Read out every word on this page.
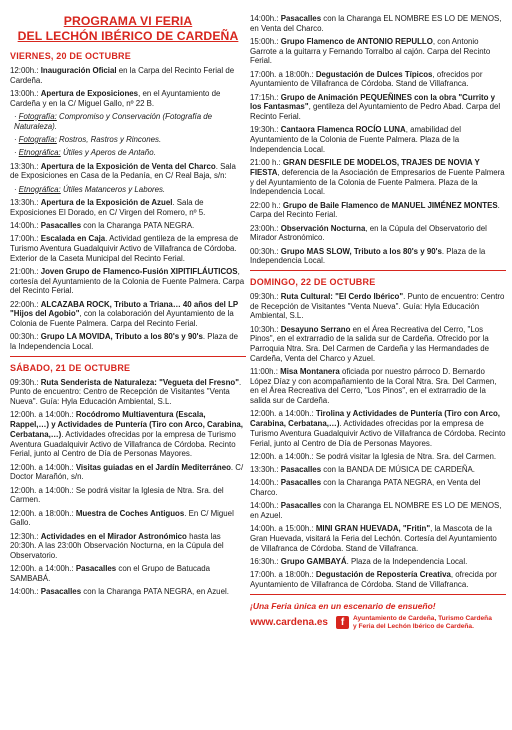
PROGRAMA VI FERIA
DEL LECHÓN IBÉRICO DE CARDEÑA
VIERNES, 20 DE OCTUBRE
12:00h.: Inauguración Oficial en la Carpa del Recinto Ferial de Cardeña.
13:00h.: Apertura de Exposiciones, en el Ayuntamiento de Cardeña y en la C/ Miguel Gallo, nº 22 B.
· Fotografía: Compromiso y Conservación (Fotografía de Naturaleza).
· Fotografía: Rostros, Rastros y Rincones.
· Etnográfica: Útiles y Aperos de Antaño.
13:30h.: Apertura de la Exposición de Venta del Charco. Sala de Exposiciones en Casa de la Pedanía, en C/ Real Baja, s/n:
· Etnográfica: Útiles Matanceros y Labores.
13:30h.: Apertura de la Exposición de Azuel. Sala de Exposiciones El Dorado, en C/ Virgen del Romero, nº 5.
14:00h.: Pasacalles con la Charanga PATA NEGRA.
17:00h.: Escalada en Caja. Actividad gentileza de la empresa de Turismo Aventura Guadalquivir Activo de Villafranca de Córdoba. Exterior de la Caseta Municipal del Recinto Ferial.
21:00h.: Joven Grupo de Flamenco-Fusión XIPITIFLÁUTICOS, cortesía del Ayuntamiento de la Colonia de Fuente Palmera. Carpa del Recinto Ferial.
22:00h.: ALCAZABA ROCK, Tributo a Triana… 40 años del LP "Hijos del Agobio", con la colaboración del Ayuntamiento de la Colonia de Fuente Palmera. Carpa del Recinto Ferial.
00:30h.: Grupo LA MOVIDA, Tributo a los 80's y 90's. Plaza de la Independencia Local.
SÁBADO, 21 DE OCTUBRE
09:30h.: Ruta Senderista de Naturaleza: "Vegueta del Fresno". Punto de encuentro: Centro de Recepción de Visitantes "Venta Nueva". Guía: Hyla Educación Ambiental, S.L.
12:00h. a 14:00h.: Rocódromo Multiaventura (Escala, Rappel,…) y Actividades de Puntería (Tiro con Arco, Carabina, Cerbatana,…). Actividades ofrecidas por la empresa de Turismo Aventura Guadalquivir Activo de Villafranca de Córdoba. Recinto Ferial, junto al Centro de Día de Personas Mayores.
12:00h. a 14:00h.: Visitas guiadas en el Jardín Mediterráneo. C/ Doctor Marañón, s/n.
12:00h. a 14:00h.: Se podrá visitar la Iglesia de Ntra. Sra. del Carmen.
12:00h. a 18:00h.: Muestra de Coches Antiguos. En C/ Miguel Gallo.
12:30h.: Actividades en el Mirador Astronómico hasta las 20:30h. A las 23:00h Observación Nocturna, en la Cúpula del Observatorio.
12:00h. a 14:00h.: Pasacalles con el Grupo de Batucada SAMBABÁ.
14:00h.: Pasacalles con la Charanga PATA NEGRA, en Azuel.
14:00h.: Pasacalles con la Charanga EL NOMBRE ES LO DE MENOS, en Venta del Charco.
15:00h.: Grupo Flamenco de ANTONIO REPULLO, con Antonio Garrote a la guitarra y Fernando Torralbo al cajón. Carpa del Recinto Ferial.
17:00h. a 18:00h.: Degustación de Dulces Típicos, ofrecidos por Ayuntamiento de Villafranca de Córdoba. Stand de Villafranca.
17:15h.: Grupo de Animación PEQUEÑINES con la obra "Currito y los Fantasmas", gentileza del Ayuntamiento de Pedro Abad. Carpa del Recinto Ferial.
19:30h.: Cantaora Flamenca ROCÍO LUNA, amabilidad del Ayuntamiento de la Colonia de Fuente Palmera. Plaza de la Independencia Local.
21:00 h.: GRAN DESFILE DE MODELOS, TRAJES DE NOVIA Y FIESTA, deferencia de la Asociación de Empresarios de Fuente Palmera y del Ayuntamiento de la Colonia de Fuente Palmera. Plaza de la Independencia Local.
22:00 h.: Grupo de Baile Flamenco de MANUEL JIMÉNEZ MONTES. Carpa del Recinto Ferial.
23:00h.: Observación Nocturna, en la Cúpula del Observatorio del Mirador Astronómico.
00:30h.: Grupo MAS SLOW, Tributo a los 80's y 90's. Plaza de la Independencia Local.
DOMINGO, 22 DE OCTUBRE
09:30h.: Ruta Cultural: "El Cerdo Ibérico". Punto de encuentro: Centro de Recepción de Visitantes "Venta Nueva". Guía: Hyla Educación Ambiental, S.L.
10:30h.: Desayuno Serrano en el Área Recreativa del Cerro, "Los Pinos", en el extrarradio de la salida sur de Cardeña. Ofrecido por la Parroquia Ntra. Sra. Del Carmen de Cardeña y las Hermandades de Cardeña, Venta del Charco y Azuel.
11:00h.: Misa Montanera oficiada por nuestro párroco D. Bernardo López Díaz y con acompañamiento de la Coral Ntra. Sra. Del Carmen, en el Área Recreativa del Cerro, "Los Pinos", en el extrarradio de la salida sur de Cardeña.
12:00h. a 14:00h.: Tirolina y Actividades de Puntería (Tiro con Arco, Carabina, Cerbatana,…). Actividades ofrecidas por la empresa de Turismo Aventura Guadalquivir Activo de Villafranca de Córdoba. Recinto Ferial, junto al Centro de Día de Personas Mayores.
12:00h. a 14:00h.: Se podrá visitar la Iglesia de Ntra. Sra. del Carmen.
13:30h.: Pasacalles con la BANDA DE MÚSICA DE CARDEÑA.
14:00h.: Pasacalles con la Charanga PATA NEGRA, en Venta del Charco.
14:00h.: Pasacalles con la Charanga EL NOMBRE ES LO DE MENOS, en Azuel.
14:00h. a 15:00h.: MINI GRAN HUEVADA, "Fritin", la Mascota de la Gran Huevada, visitará la Feria del Lechón. Cortesía del Ayuntamiento de Villafranca de Córdoba. Stand de Villafranca.
16:30h.: Grupo GAMBAYÁ. Plaza de la Independencia Local.
17:00h. a 18:00h.: Degustación de Repostería Creativa, ofrecida por Ayuntamiento de Villafranca de Córdoba. Stand de Villafranca.
¡Una Feria única en un escenario de ensueño!
www.cardena.es	f	Ayuntamiento de Cardeña, Turismo Cardeña
y Feria del Lechón Ibérico de Cardeña.
